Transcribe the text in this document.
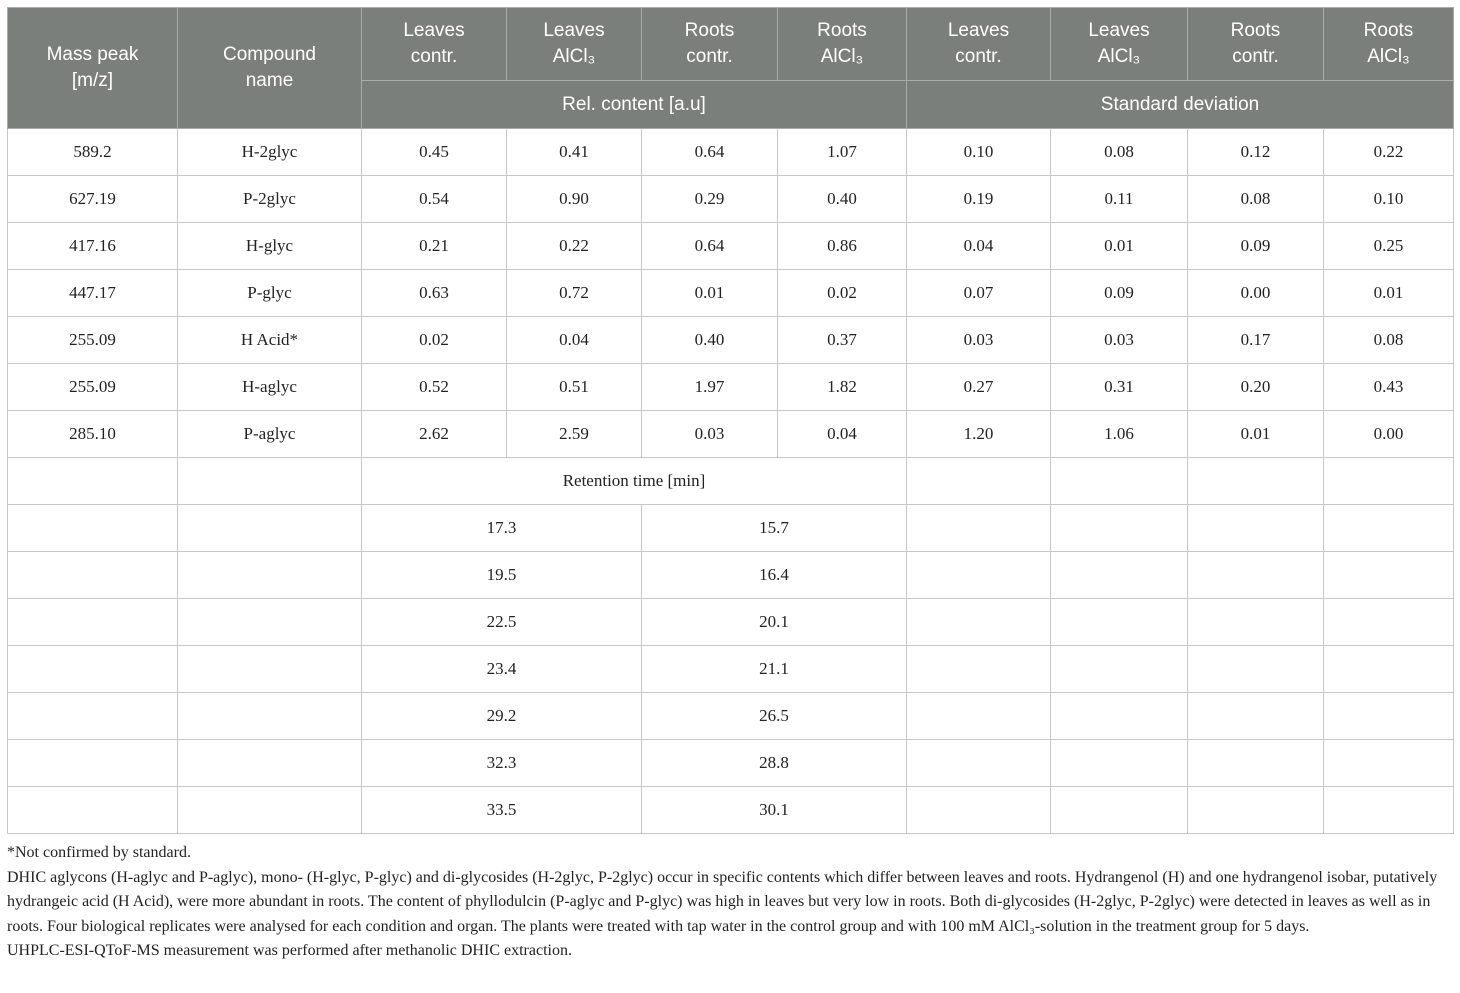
Mass peak [m/z]	Compound name	Leaves contr.	Leaves AlCl₃	Roots contr.	Roots AlCl₃	Leaves contr.	Leaves AlCl₃	Roots contr.	Roots AlCl₃
		Rel. content [a.u]				Standard deviation			
589.2	H-2glyc	0.45	0.41	0.64	1.07	0.10	0.08	0.12	0.22
627.19	P-2glyc	0.54	0.90	0.29	0.40	0.19	0.11	0.08	0.10
417.16	H-glyc	0.21	0.22	0.64	0.86	0.04	0.01	0.09	0.25
447.17	P-glyc	0.63	0.72	0.01	0.02	0.07	0.09	0.00	0.01
255.09	H Acid*	0.02	0.04	0.40	0.37	0.03	0.03	0.17	0.08
255.09	H-aglyc	0.52	0.51	1.97	1.82	0.27	0.31	0.20	0.43
285.10	P-aglyc	2.62	2.59	0.03	0.04	1.20	1.06	0.01	0.00
		Retention time [min]							
		17.3		15.7					
		19.5		16.4					
		22.5		20.1					
		23.4		21.1					
		29.2		26.5					
		32.3		28.8					
		33.5		30.1					

*Not confirmed by standard.

DHIC aglycons (H-aglyc and P-aglyc), mono- (H-glyc, P-glyc) and di-glycosides (H-2glyc, P-2glyc) occur in specific contents which differ between leaves and roots. Hydrangenol (H) and one hydrangenol isobar, putatively hydrangeic acid (H Acid), were more abundant in roots. The content of phyllodulcin (P-aglyc and P-glyc) was high in leaves but very low in roots. Both di-glycosides (H-2glyc, P-2glyc) were detected in leaves as well as in roots. Four biological replicates were analysed for each condition and organ. The plants were treated with tap water in the control group and with 100 mM AlCl₃-solution in the treatment group for 5 days.

UHPLC-ESI-QToF-MS measurement was performed after methanolic DHIC extraction.
